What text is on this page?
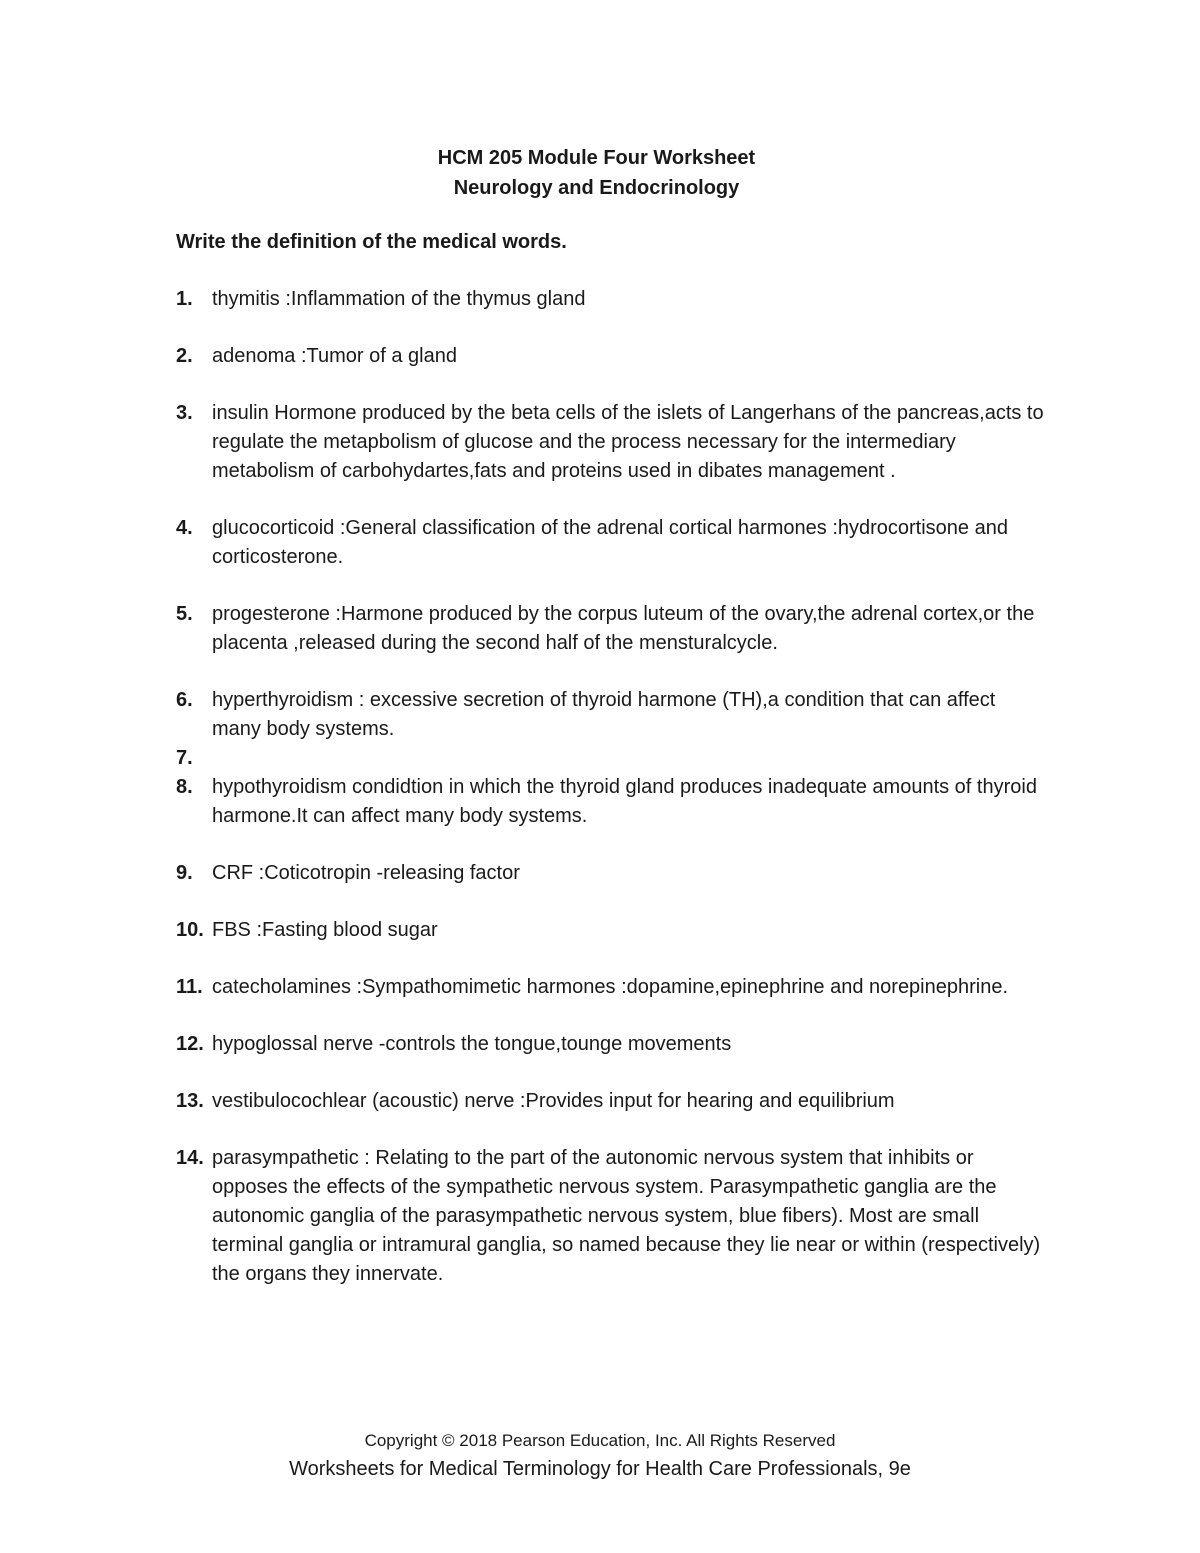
HCM 205 Module Four Worksheet
Neurology and Endocrinology
Write the definition of the medical words.
1. thymitis :Inflammation of the thymus gland
2. adenoma :Tumor of a gland
3. insulin Hormone produced by the beta cells of the islets of Langerhans of the pancreas,acts to regulate the metapbolism of glucose and the process necessary for the intermediary metabolism of carbohydartes,fats and proteins used in dibates management .
4. glucocorticoid :General classification of the adrenal cortical harmones :hydrocortisone and corticosterone.
5. progesterone :Harmone produced by the corpus luteum of the ovary,the adrenal cortex,or the placenta ,released during the second half of the mensturalcycle.
6. hyperthyroidism : excessive secretion of thyroid harmone (TH),a condition that can affect many body systems.
7.

8. hypothyroidism condidtion in which the thyroid gland produces inadequate amounts of thyroid harmone.It can affect many body systems.
9. CRF :Coticotropin -releasing factor
10. FBS :Fasting blood sugar
11. catecholamines :Sympathomimetic harmones :dopamine,epinephrine and norepinephrine.
12. hypoglossal nerve -controls the tongue,tounge movements
13. vestibulocochlear (acoustic) nerve :Provides input for hearing and equilibrium
14. parasympathetic : Relating to the part of the autonomic nervous system that inhibits or opposes the effects of the sympathetic nervous system. Parasympathetic ganglia are the autonomic ganglia of the parasympathetic nervous system, blue fibers). Most are small terminal ganglia or intramural ganglia, so named because they lie near or within (respectively) the organs they innervate.
Copyright © 2018 Pearson Education, Inc. All Rights Reserved
Worksheets for Medical Terminology for Health Care Professionals, 9e
